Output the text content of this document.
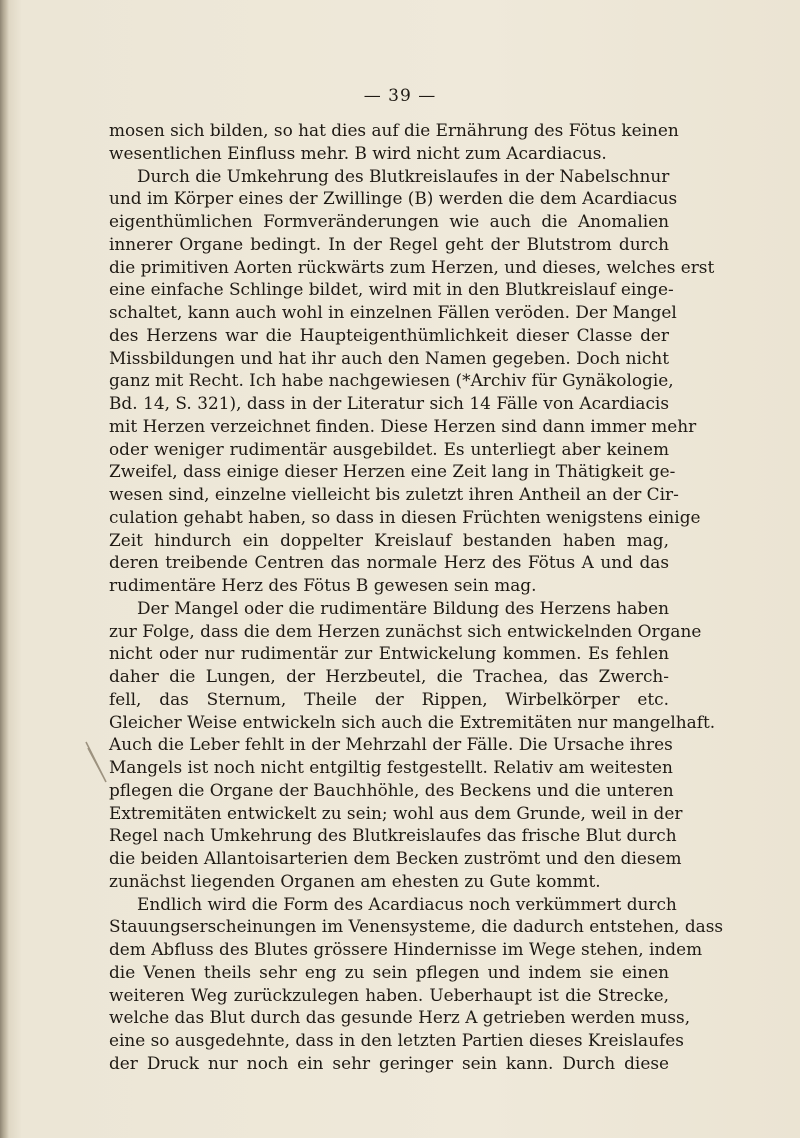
— 39 —
mosen sich bilden, so hat dies auf die Ernährung des Fötus keinen
wesentlichen Einfluss mehr. B wird nicht zum Acardiacus.
Durch die Umkehrung des Blutkreislaufes in der Nabelschnur
und im Körper eines der Zwillinge (B) werden die dem Acardiacus
eigenthümlichen Formveränderungen wie auch die Anomalien
innerer Organe bedingt. In der Regel geht der Blutstrom durch
die primitiven Aorten rückwärts zum Herzen, und dieses, welches erst
eine einfache Schlinge bildet, wird mit in den Blutkreislauf einge-
schaltet, kann auch wohl in einzelnen Fällen veröden. Der Mangel
des Herzens war die Haupteigenthümlichkeit dieser Classe der
Missbildungen und hat ihr auch den Namen gegeben. Doch nicht
ganz mit Recht. Ich habe nachgewiesen (*Archiv für Gynäkologie,
Bd. 14, S. 321), dass in der Literatur sich 14 Fälle von Acardiacis
mit Herzen verzeichnet finden. Diese Herzen sind dann immer mehr
oder weniger rudimentär ausgebildet. Es unterliegt aber keinem
Zweifel, dass einige dieser Herzen eine Zeit lang in Thätigkeit ge-
wesen sind, einzelne vielleicht bis zuletzt ihren Antheil an der Cir-
culation gehabt haben, so dass in diesen Früchten wenigstens einige
Zeit hindurch ein doppelter Kreislauf bestanden haben mag,
deren treibende Centren das normale Herz des Fötus A und das
rudimentäre Herz des Fötus B gewesen sein mag.
Der Mangel oder die rudimentäre Bildung des Herzens haben
zur Folge, dass die dem Herzen zunächst sich entwickelnden Organe
nicht oder nur rudimentär zur Entwickelung kommen. Es fehlen
daher die Lungen, der Herzbeutel, die Trachea, das Zwerch-
fell, das Sternum, Theile der Rippen, Wirbelkörper etc.
Gleicher Weise entwickeln sich auch die Extremitäten nur mangelhaft.
Auch die Leber fehlt in der Mehrzahl der Fälle. Die Ursache ihres
Mangels ist noch nicht entgiltig festgestellt. Relativ am weitesten
pflegen die Organe der Bauchhöhle, des Beckens und die unteren
Extremitäten entwickelt zu sein; wohl aus dem Grunde, weil in der
Regel nach Umkehrung des Blutkreislaufes das frische Blut durch
die beiden Allantoisarterien dem Becken zuströmt und den diesem
zunächst liegenden Organen am ehesten zu Gute kommt.
Endlich wird die Form des Acardiacus noch verkümmert durch
Stauungserscheinungen im Venensysteme, die dadurch entstehen, dass
dem Abfluss des Blutes grössere Hindernisse im Wege stehen, indem
die Venen theils sehr eng zu sein pflegen und indem sie einen
weiteren Weg zurückzulegen haben. Ueberhaupt ist die Strecke,
welche das Blut durch das gesunde Herz A getrieben werden muss,
eine so ausgedehnte, dass in den letzten Partien dieses Kreislaufes
der Druck nur noch ein sehr geringer sein kann. Durch diese
